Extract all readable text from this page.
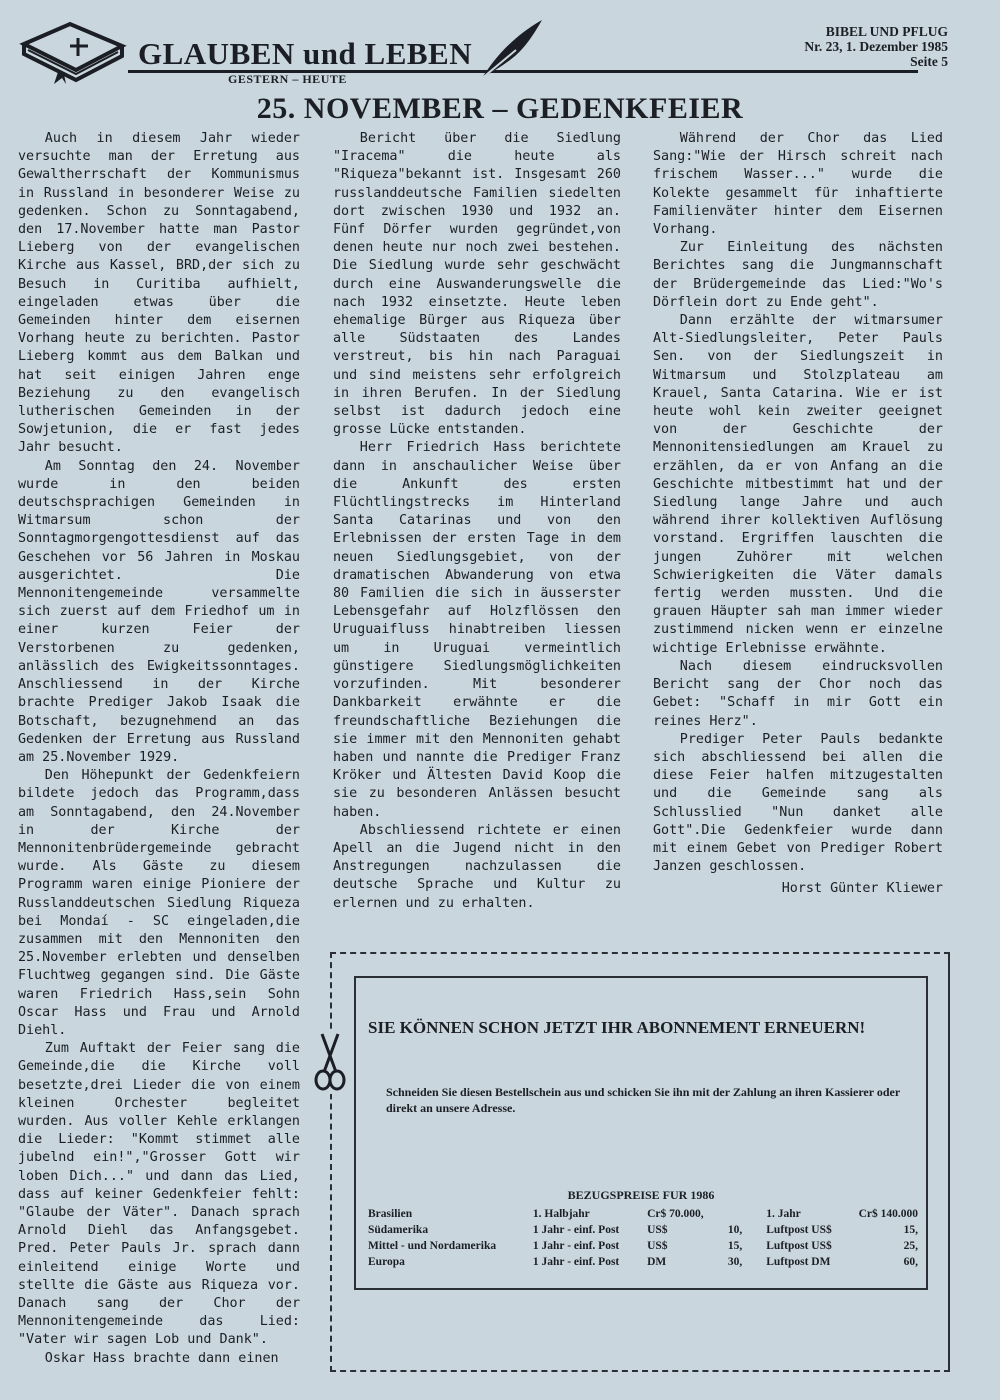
GLAUBEN und LEBEN
GESTERN – HEUTE
BIBEL UND PFLUG
Nr. 23, 1. Dezember 1985
Seite 5
25. NOVEMBER – GEDENKFEIER

Auch in diesem Jahr wieder versuchte man der Erretung aus Gewaltherrschaft der Kommunismus in Russland in besonderer Weise zu gedenken. Schon zu Sonntagabend, den 17.November hatte man Pastor Lieberg von der evangelischen Kirche aus Kassel, BRD,der sich zu Besuch in Curitiba aufhielt, eingeladen etwas über die Gemeinden hinter dem eisernen Vorhang heute zu berichten. Pastor Lieberg kommt aus dem Balkan und hat seit einigen Jahren enge Beziehung zu den evangelisch lutherischen Gemeinden in der Sowjetunion, die er fast jedes Jahr besucht.

Am Sonntag den 24. November wurde in den beiden deutschsprachigen Gemeinden in Witmarsum schon der Sonntagmorgengottesdienst auf das Geschehen vor 56 Jahren in Moskau ausgerichtet. Die Mennonitengemeinde versammelte sich zuerst auf dem Friedhof um in einer kurzen Feier der Verstorbenen zu gedenken, anlässlich des Ewigkeitssonntages. Anschliessend in der Kirche brachte Prediger Jakob Isaak die Botschaft, bezugnehmend an das Gedenken der Erretung aus Russland am 25.November 1929.

Den Höhepunkt der Gedenkfeiern bildete jedoch das Programm,dass am Sonntagabend, den 24.November in der Kirche der Mennonitenbrüdergemeinde gebracht wurde. Als Gäste zu diesem Programm waren einige Pioniere der Russlanddeutschen Siedlung Riqueza bei Mondaí - SC eingeladen,die zusammen mit den Mennoniten den 25.November erlebten und denselben Fluchtweg gegangen sind. Die Gäste waren Friedrich Hass,sein Sohn Oscar Hass und Frau und Arnold Diehl.

Zum Auftakt der Feier sang die Gemeinde,die die Kirche voll besetzte,drei Lieder die von einem kleinen Orchester begleitet wurden. Aus voller Kehle erklangen die Lieder: "Kommt stimmet alle jubelnd ein!","Grosser Gott wir loben Dich..." und dann das Lied, dass auf keiner Gedenkfeier fehlt: "Glaube der Väter". Danach sprach Arnold Diehl das Anfangsgebet. Pred. Peter Pauls Jr. sprach dann einleitend einige Worte und stellte die Gäste aus Riqueza vor. Danach sang der Chor der Mennonitengemeinde das Lied: "Vater wir sagen Lob und Dank".

Oskar Hass brachte dann einen

Bericht über die Siedlung "Iracema" die heute als "Riqueza"bekannt ist. Insgesamt 260 russlanddeutsche Familien siedelten dort zwischen 1930 und 1932 an. Fünf Dörfer wurden gegründet,von denen heute nur noch zwei bestehen. Die Siedlung wurde sehr geschwächt durch eine Auswanderungswelle die nach 1932 einsetzte. Heute leben ehemalige Bürger aus Riqueza über alle Südstaaten des Landes verstreut, bis hin nach Paraguai und sind meistens sehr erfolgreich in ihren Berufen. In der Siedlung selbst ist dadurch jedoch eine grosse Lücke entstanden.

Herr Friedrich Hass berichtete dann in anschaulicher Weise über die Ankunft des ersten Flüchtlingstrecks im Hinterland Santa Catarinas und von den Erlebnissen der ersten Tage in dem neuen Siedlungsgebiet, von der dramatischen Abwanderung von etwa 80 Familien die sich in äusserster Lebensgefahr auf Holzflössen den Uruguaifluss hinabtreiben liessen um in Uruguai vermeintlich günstigere Siedlungsmöglichkeiten vorzufinden. Mit besonderer Dankbarkeit erwähnte er die freundschaftliche Beziehungen die sie immer mit den Mennoniten gehabt haben und nannte die Prediger Franz Kröker und Ältesten David Koop die sie zu besonderen Anlässen besucht haben.

Abschliessend richtete er einen Apell an die Jugend nicht in den Anstregungen nachzulassen die deutsche Sprache und Kultur zu erlernen und zu erhalten.

Während der Chor das Lied Sang:"Wie der Hirsch schreit nach frischem Wasser..." wurde die Kolekte gesammelt für inhaftierte Familienväter hinter dem Eisernen Vorhang.

Zur Einleitung des nächsten Berichtes sang die Jungmannschaft der Brüdergemeinde das Lied:"Wo's Dörflein dort zu Ende geht".

Dann erzählte der witmarsumer Alt-Siedlungsleiter, Peter Pauls Sen. von der Siedlungszeit in Witmarsum und Stolzplateau am Krauel, Santa Catarina. Wie er ist heute wohl kein zweiter geeignet von der Geschichte der Mennonitensiedlungen am Krauel zu erzählen, da er von Anfang an die Geschichte mitbestimmt hat und der Siedlung lange Jahre und auch während ihrer kollektiven Auflösung vorstand. Ergriffen lauschten die jungen Zuhörer mit welchen Schwierigkeiten die Väter damals fertig werden mussten. Und die grauen Häupter sah man immer wieder zustimmend nicken wenn er einzelne wichtige Erlebnisse erwähnte.

Nach diesem eindrucksvollen Bericht sang der Chor noch das Gebet: "Schaff in mir Gott ein reines Herz".

Prediger Peter Pauls bedankte sich abschliessend bei allen die diese Feier halfen mitzugestalten und die Gemeinde sang als Schlusslied "Nun danket alle Gott".Die Gedenkfeier wurde dann mit einem Gebet von Prediger Robert Janzen geschlossen.

Horst Günter Kliewer

SIE KÖNNEN SCHON JETZT IHR ABONNEMENT ERNEUERN!
Schneiden Sie diesen Bestellschein aus und schicken Sie ihn mit der Zahlung an ihren Kassierer oder direkt an unsere Adresse.
BEZUGSPREISE FUR 1986
Brasilien	1. Halbjahr	Cr$ 70.000,		1. Jahr	Cr$ 140.000
Südamerika	1 Jahr - einf. Post	US$	10,	Luftpost US$	15,
Mittel - und Nordamerika	1 Jahr - einf. Post	US$	15,	Luftpost US$	25,
Europa	1 Jahr - einf. Post	DM	30,	Luftpost DM	60,
